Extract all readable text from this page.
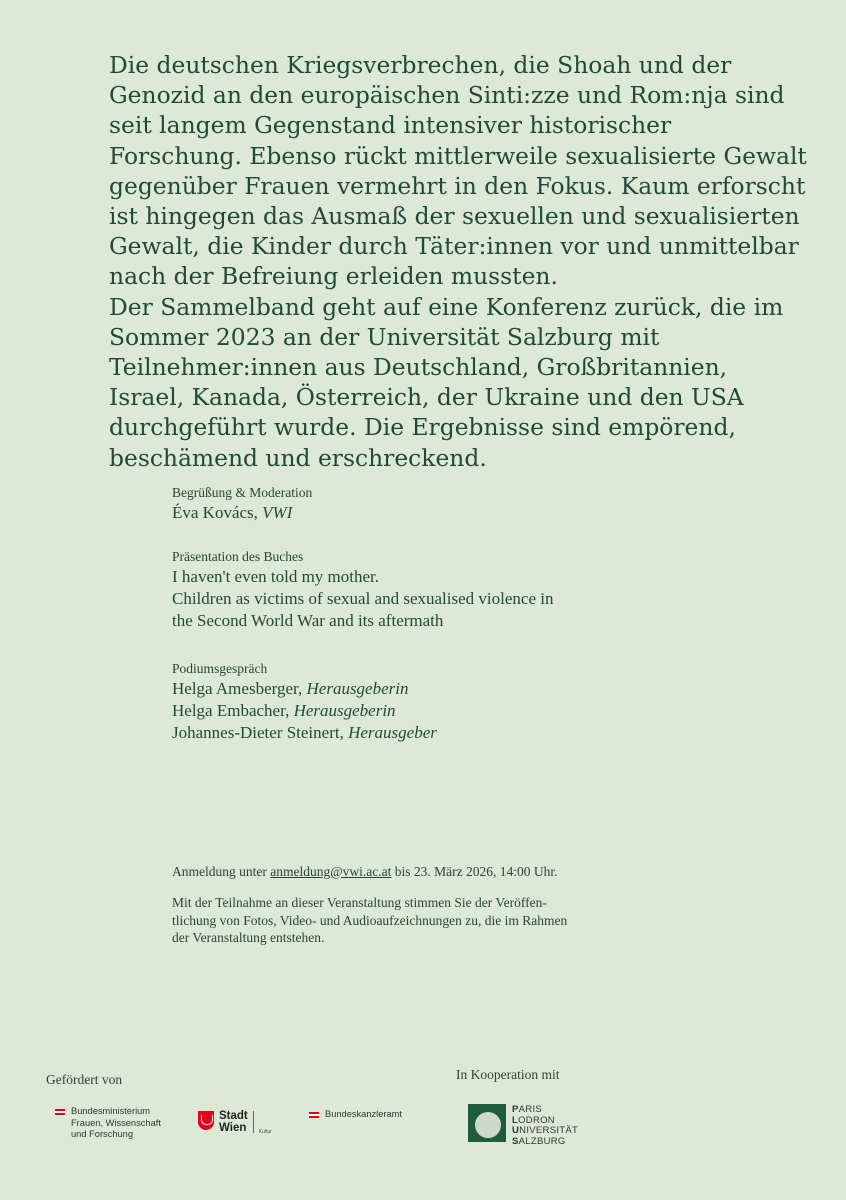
Die deutschen Kriegsverbrechen, die Shoah und der Genozid an den europäischen Sinti:zze und Rom:nja sind seit langem Gegenstand intensiver historischer Forschung. Ebenso rückt mittlerweile sexualisierte Gewalt gegenüber Frauen vermehrt in den Fokus. Kaum erforscht ist hingegen das Ausmaß der sexuellen und sexualisierten Gewalt, die Kinder durch Täter:innen vor und unmittelbar nach der Befreiung erleiden mussten.

Der Sammelband geht auf eine Konferenz zurück, die im Sommer 2023 an der Universität Salzburg mit Teilnehmer:innen aus Deutschland, Großbritannien, Israel, Kanada, Österreich, der Ukraine und den USA durchgeführt wurde. Die Ergebnisse sind empörend, beschämend und erschreckend.

Begrüßung & Moderation
Éva Kovács, VWI
Präsentation des Buches
I haven't even told my mother.
Children as victims of sexual and sexualised violence in
the Second World War and its aftermath
Podiumsgespräch
Helga Amesberger, Herausgeberin
Helga Embacher, Herausgeberin
Johannes-Dieter Steinert, Herausgeber
Anmeldung unter anmeldung@vwi.ac.at bis 23. März 2026, 14:00 Uhr.
Mit der Teilnahme an dieser Veranstaltung stimmen Sie der Veröffen-
tlichung von Fotos, Video- und Audioaufzeichnungen zu, die im Rahmen
der Veranstaltung entstehen.
Gefördert von	In Kooperation mit
Bundesministerium
Frauen, Wissenschaft
und Forschung
Stadt
Wien Kultur
Bundeskanzleramt	PARIS
LODRON
UNIVERSITÄT
SALZBURG
